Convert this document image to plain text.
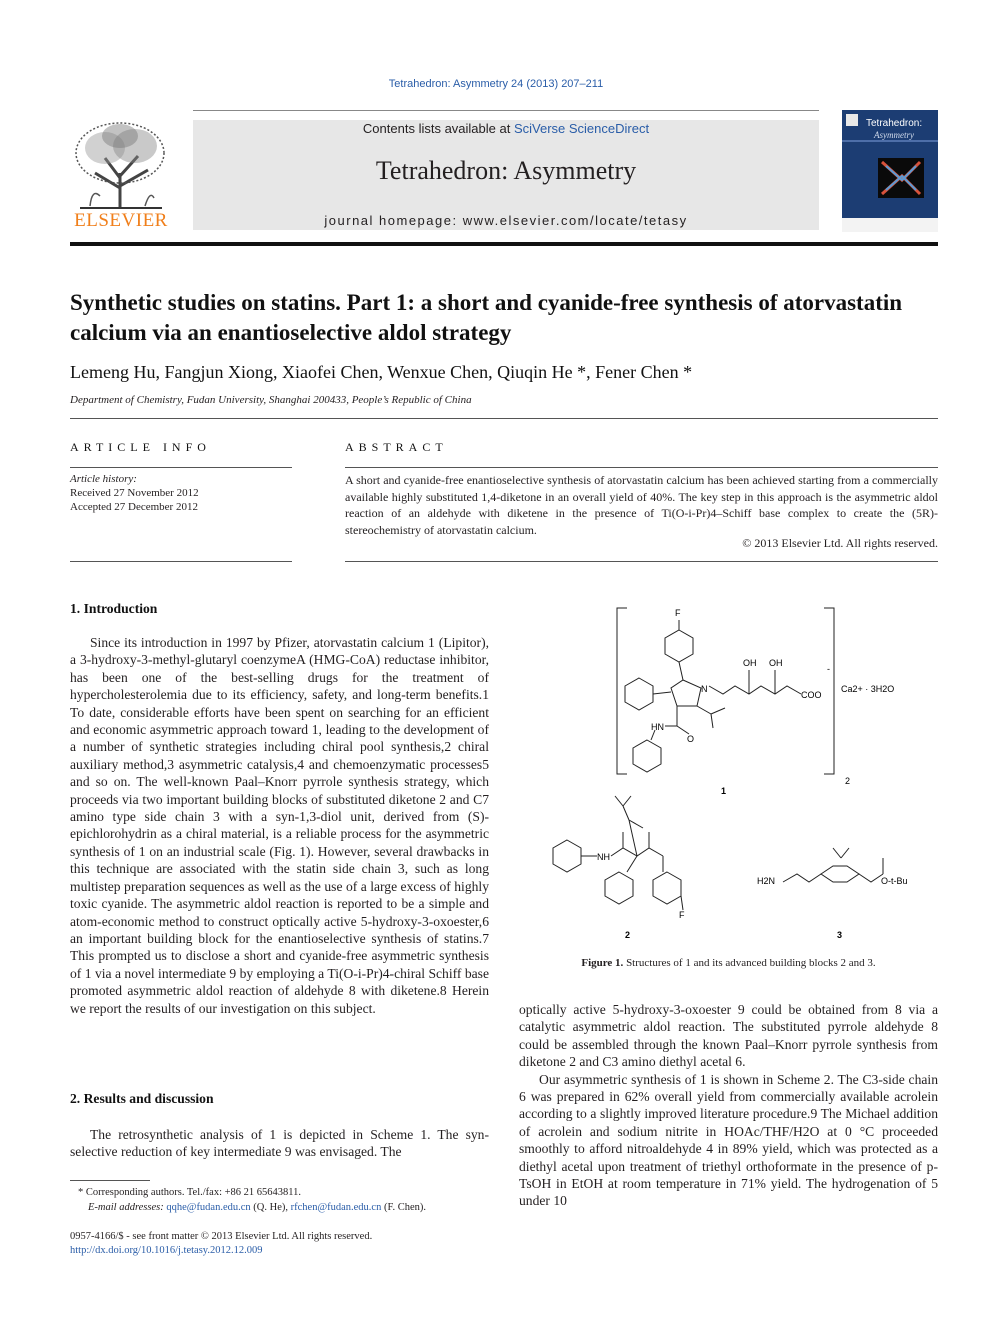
Tetrahedron: Asymmetry 24 (2013) 207–211
ELSEVIER
Contents lists available at SciVerse ScienceDirect
Tetrahedron: Asymmetry
journal homepage: www.elsevier.com/locate/tetasy
Tetrahedron:
Asymmetry
Synthetic studies on statins. Part 1: a short and cyanide-free synthesis of atorvastatin calcium via an enantioselective aldol strategy
Lemeng Hu, Fangjun Xiong, Xiaofei Chen, Wenxue Chen, Qiuqin He *, Fener Chen *
Department of Chemistry, Fudan University, Shanghai 200433, People’s Republic of China
ARTICLE INFO	ABSTRACT
Article history:
Received 27 November 2012
Accepted 27 December 2012
A short and cyanide-free enantioselective synthesis of atorvastatin calcium has been achieved starting from a commercially available highly substituted 1,4-diketone in an overall yield of 40%. The key step in this approach is the asymmetric aldol reaction of an aldehyde with diketene in the presence of Ti(O-i-Pr)4–Schiff base complex to create the (5R)-stereochemistry of atorvastatin calcium.
© 2013 Elsevier Ltd. All rights reserved.
1. Introduction

Since its introduction in 1997 by Pfizer, atorvastatin calcium 1 (Lipitor), a 3-hydroxy-3-methyl-glutaryl coenzymeA (HMG-CoA) reductase inhibitor, has been one of the best-selling drugs for the treatment of hypercholesterolemia due to its efficiency, safety, and long-term benefits.1 To date, considerable efforts have been spent on searching for an efficient and economic asymmetric approach toward 1, leading to the development of a number of synthetic strategies including chiral pool synthesis,2 chiral auxiliary method,3 asymmetric catalysis,4 and chemoenzymatic processes5 and so on. The well-known Paal–Knorr pyrrole synthesis strategy, which proceeds via two important building blocks of substituted diketone 2 and C7 amino type side chain 3 with a syn-1,3-diol unit, derived from (S)-epichlorohydrin as a chiral material, is a reliable process for the asymmetric synthesis of 1 on an industrial scale (Fig. 1). However, several drawbacks in this technique are associated with the statin side chain 3, such as long multistep preparation sequences as well as the use of a large excess of highly toxic cyanide. The asymmetric aldol reaction is reported to be a simple and atom-economic method to construct optically active 5-hydroxy-3-oxoester,6 an important building block for the enantioselective synthesis of statins.7 This prompted us to disclose a short and cyanide-free asymmetric synthesis of 1 via a novel intermediate 9 by employing a Ti(O-i-Pr)4-chiral Schiff base promoted asymmetric aldol reaction of aldehyde 8 with diketene.8 Herein we report the results of our investigation on this subject.

2. Results and discussion

The retrosynthetic analysis of 1 is depicted in Scheme 1. The syn-selective reduction of key intermediate 9 was envisaged. The

* Corresponding authors. Tel./fax: +86 21 65643811.
E-mail addresses: qqhe@fudan.edu.cn (Q. He), rfchen@fudan.edu.cn (F. Chen).
0957-4166/$ - see front matter © 2013 Elsevier Ltd. All rights reserved.
http://dx.doi.org/10.1016/j.tetasy.2012.12.009
F
N
OH OH
COO
-
HN
O
Ca2+ · 3H2O
2
1
NH
F
2
H2N	O-t-Bu
3
Figure 1. Structures of 1 and its advanced building blocks 2 and 3.

optically active 5-hydroxy-3-oxoester 9 could be obtained from 8 via a catalytic asymmetric aldol reaction. The substituted pyrrole aldehyde 8 could be assembled through the known Paal–Knorr pyrrole synthesis from diketone 2 and C3 amino diethyl acetal 6.

Our asymmetric synthesis of 1 is shown in Scheme 2. The C3-side chain 6 was prepared in 62% overall yield from commercially available acrolein according to a slightly improved literature procedure.9 The Michael addition of acrolein and sodium nitrite in HOAc/THF/H2O at 0 °C proceeded smoothly to afford nitroaldehyde 4 in 89% yield, which was protected as a diethyl acetal upon treatment of triethyl orthoformate in the presence of p-TsOH in EtOH at room temperature in 71% yield. The hydrogenation of 5 under 10
